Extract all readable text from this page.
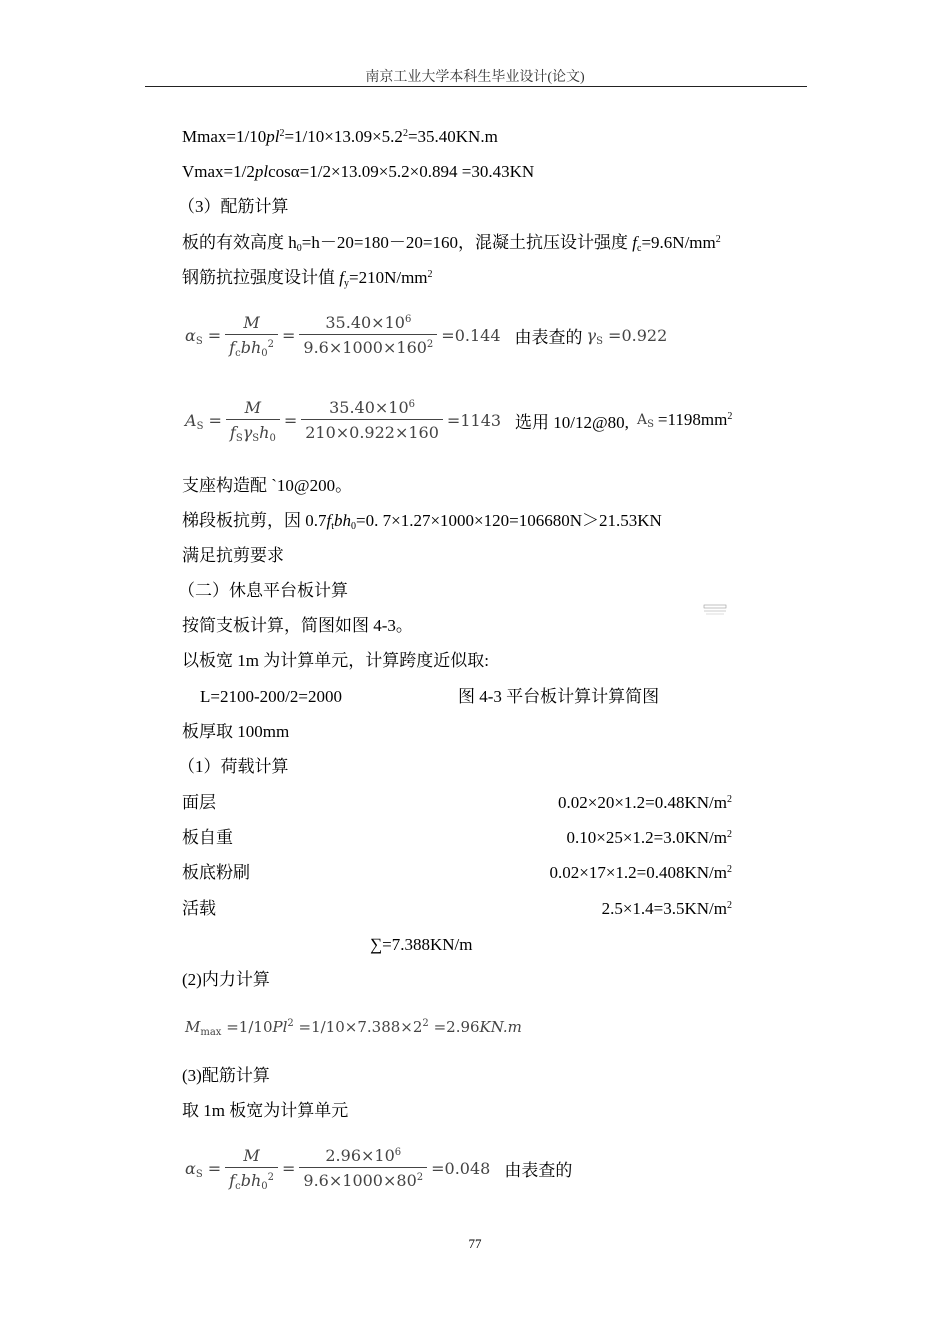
南京工业大学本科生毕业设计(论文)
$Mmax=1/10pl^2=1/10\times 13.09\times 5.2^2=35.40KN.m$
Vmax=1/2plcosα=1/2×13.09×5.2×0.894 =30.43KN
（3）配筋计算
板的有效高度 $h_0=h-20=180-20=160$，混凝土抗压设计强度 $f_c=9.6N/mm^2$
钢筋抗拉强度设计值 $f_y=210N/mm^2$
$\alpha_S = \frac{M}{f_cbh_0^2} = \frac{35.40\times 10^6}{9.6\times 1000\times 160^2} =0.144$ 由表查的 $\gamma_S =0.922$
$A_S = \frac{M}{f_S\gamma_Sh_0} = \frac{35.40\times 10^6}{210\times 0.922\times 160} =1143$ 选用 10/12@80, $A_S =1198mm^2$
支座构造配 `10@200。
梯段板抗剪，因 $0.7f_tbh_0=0$. 7×1.27×1000×120=106680N＞21.53KN
满足抗剪要求
（二）休息平台板计算
按简支板计算，简图如图 4-3。
以板宽 1m 为计算单元，计算跨度近似取:
L=2100-200/2=2000	图 4-3 平台板计算计算简图
板厚取 100mm
（1）荷载计算
面层	$0.02\times 20\times 1.2=0.48KN/m^2$
板自重	$0.10\times 25\times 1.2=3.0KN/m^2$
板底粉刷	$0.02\times 17\times 1.2=0.408KN/m^2$
活载	$2.5\times 1.4=3.5KN/m^2$
∑=7.388KN/m
(2)内力计算
$M_{max} =1/10Pl^2 =1/10\times 7.388\times 2^2 =2.96KN.m$
(3)配筋计算
取 1m 板宽为计算单元
$\alpha_S = \frac{M}{f_cbh_0^2} = \frac{2.96\times 10^6}{9.6\times 1000\times 80^2} =0.048$ 由表查的
77
